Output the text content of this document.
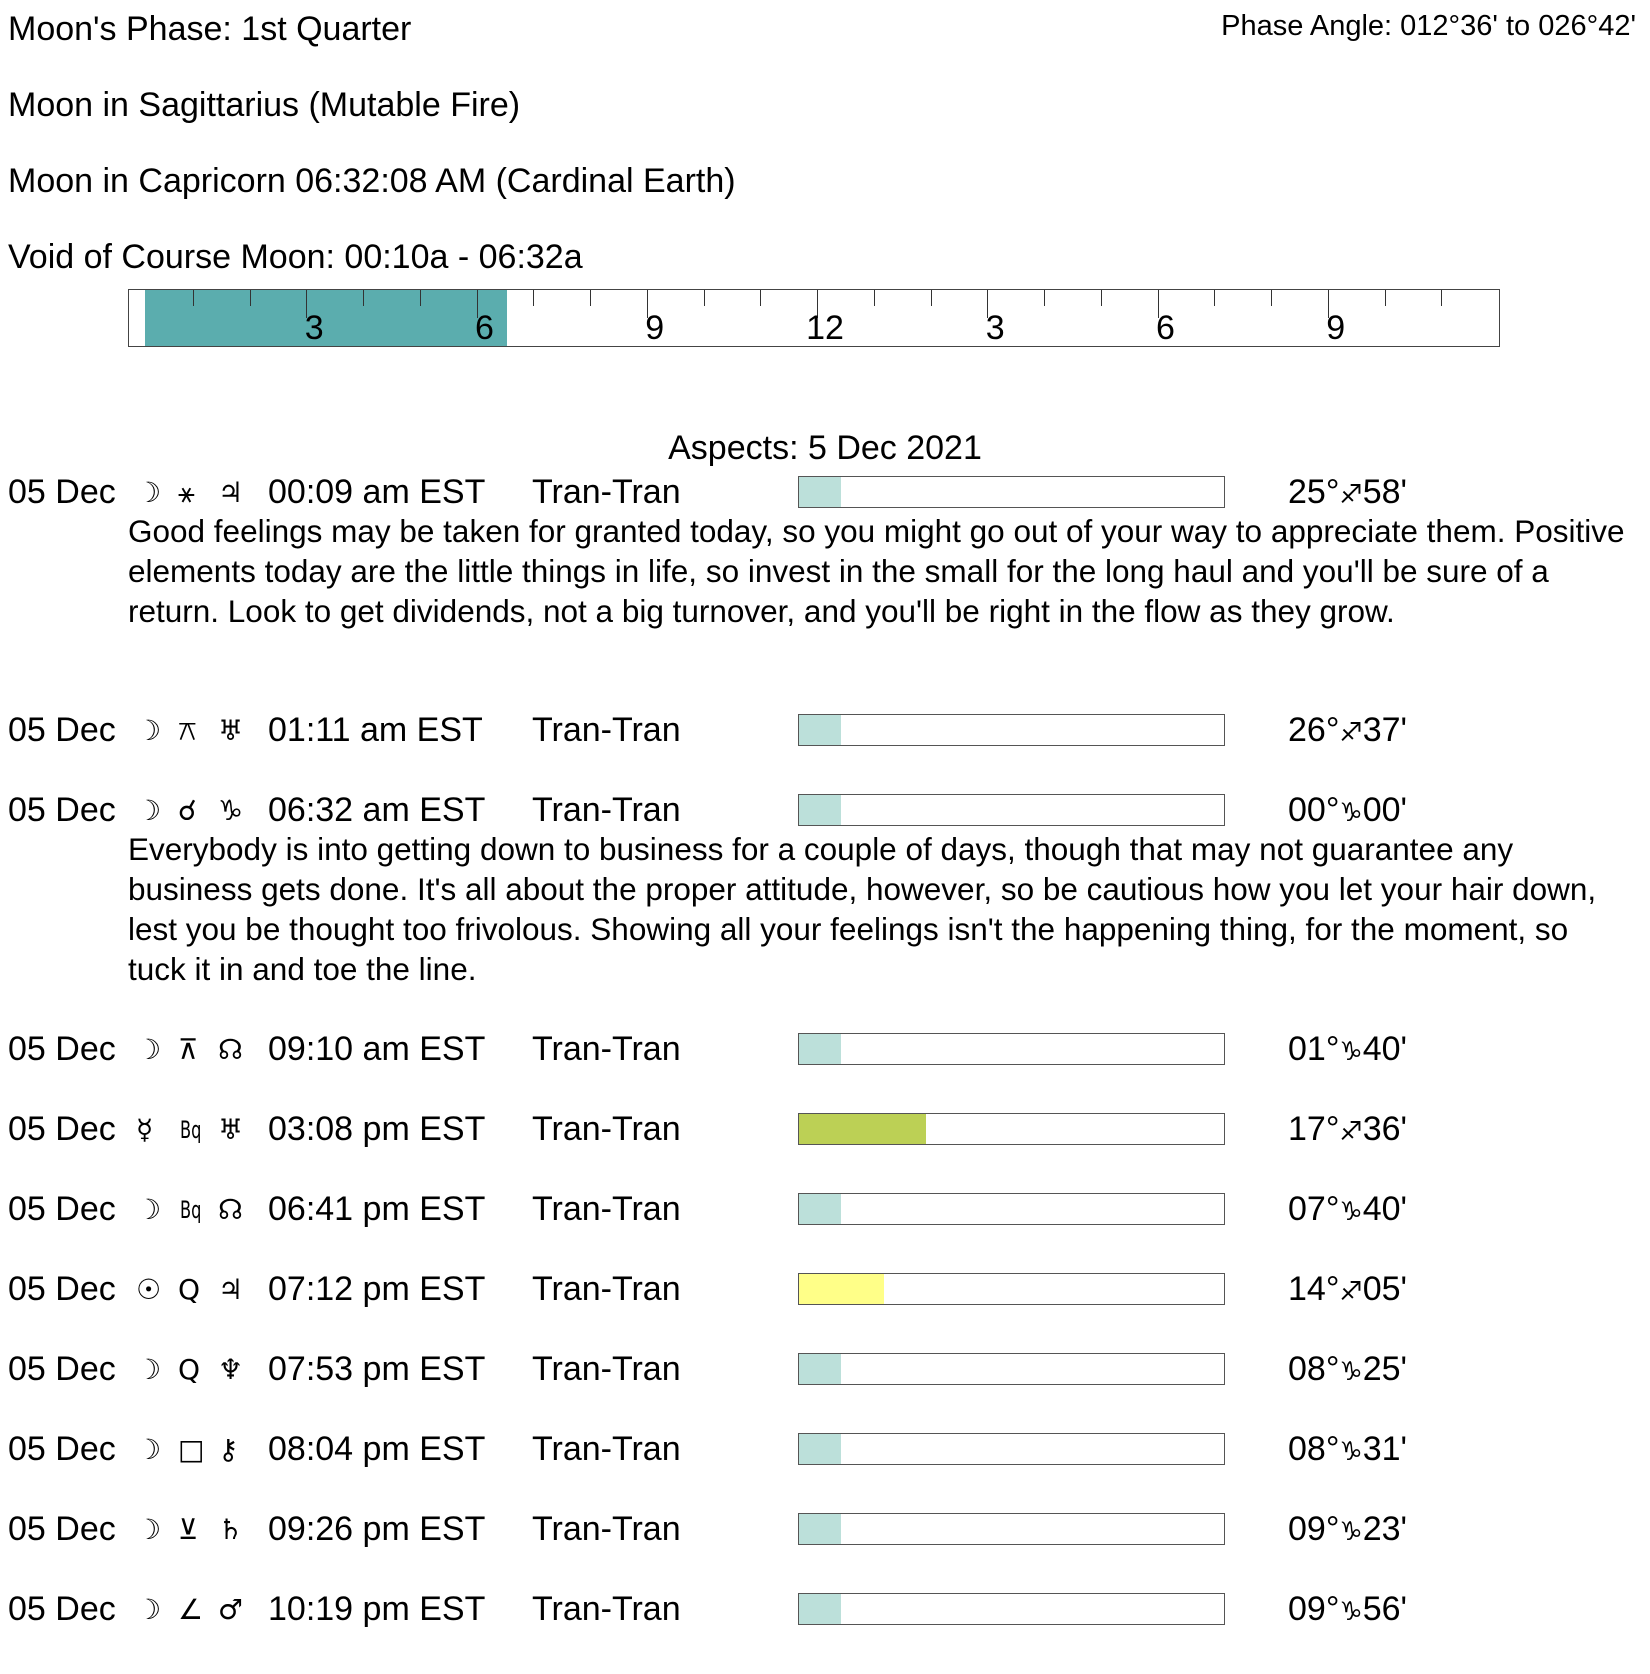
Moon's Phase: 1st Quarter	Phase Angle: 012°36' to 026°42'
Moon in Sagittarius (Mutable Fire)
Moon in Capricorn 06:32:08 AM (Cardinal Earth)
Void of Course Moon: 00:10a - 06:32a
3	6	9	12	3	6	9
Aspects: 5 Dec 2021
05 Dec ☽ ⚹ ♃ 00:09 am EST Tran-Tran	25°♐58'
Good feelings may be taken for granted today, so you might go out of your way to appreciate them. Positive elements today are the little things in life, so invest in the small for the long haul and you'll be sure of a return. Look to get dividends, not a big turnover, and you'll be right in the flow as they grow.
05 Dec ☽ ⚻ ♅ 01:11 am EST Tran-Tran	26°♐37'
05 Dec ☽ ☌ ♑ 06:32 am EST Tran-Tran	00°♑00'
Everybody is into getting down to business for a couple of days, though that may not guarantee any business gets done. It's all about the proper attitude, however, so be cautious how you let your hair down, lest you be thought too frivolous. Showing all your feelings isn't the happening thing, for the moment, so tuck it in and toe the line.
05 Dec ☽ ⊼ ☊ 09:10 am EST Tran-Tran	01°♑40'
05 Dec ☿ Bq ♅ 03:08 pm EST Tran-Tran	17°♐36'
05 Dec ☽ Bq ☊ 06:41 pm EST Tran-Tran	07°♑40'
05 Dec ☉ Q ♃ 07:12 pm EST Tran-Tran	14°♐05'
05 Dec ☽ Q ♆ 07:53 pm EST Tran-Tran	08°♑25'
05 Dec ☽ □ ⚷ 08:04 pm EST Tran-Tran	08°♑31'
05 Dec ☽ ⊻ ♄ 09:26 pm EST Tran-Tran	09°♑23'
05 Dec ☽ ∠ ♂ 10:19 pm EST Tran-Tran	09°♑56'
